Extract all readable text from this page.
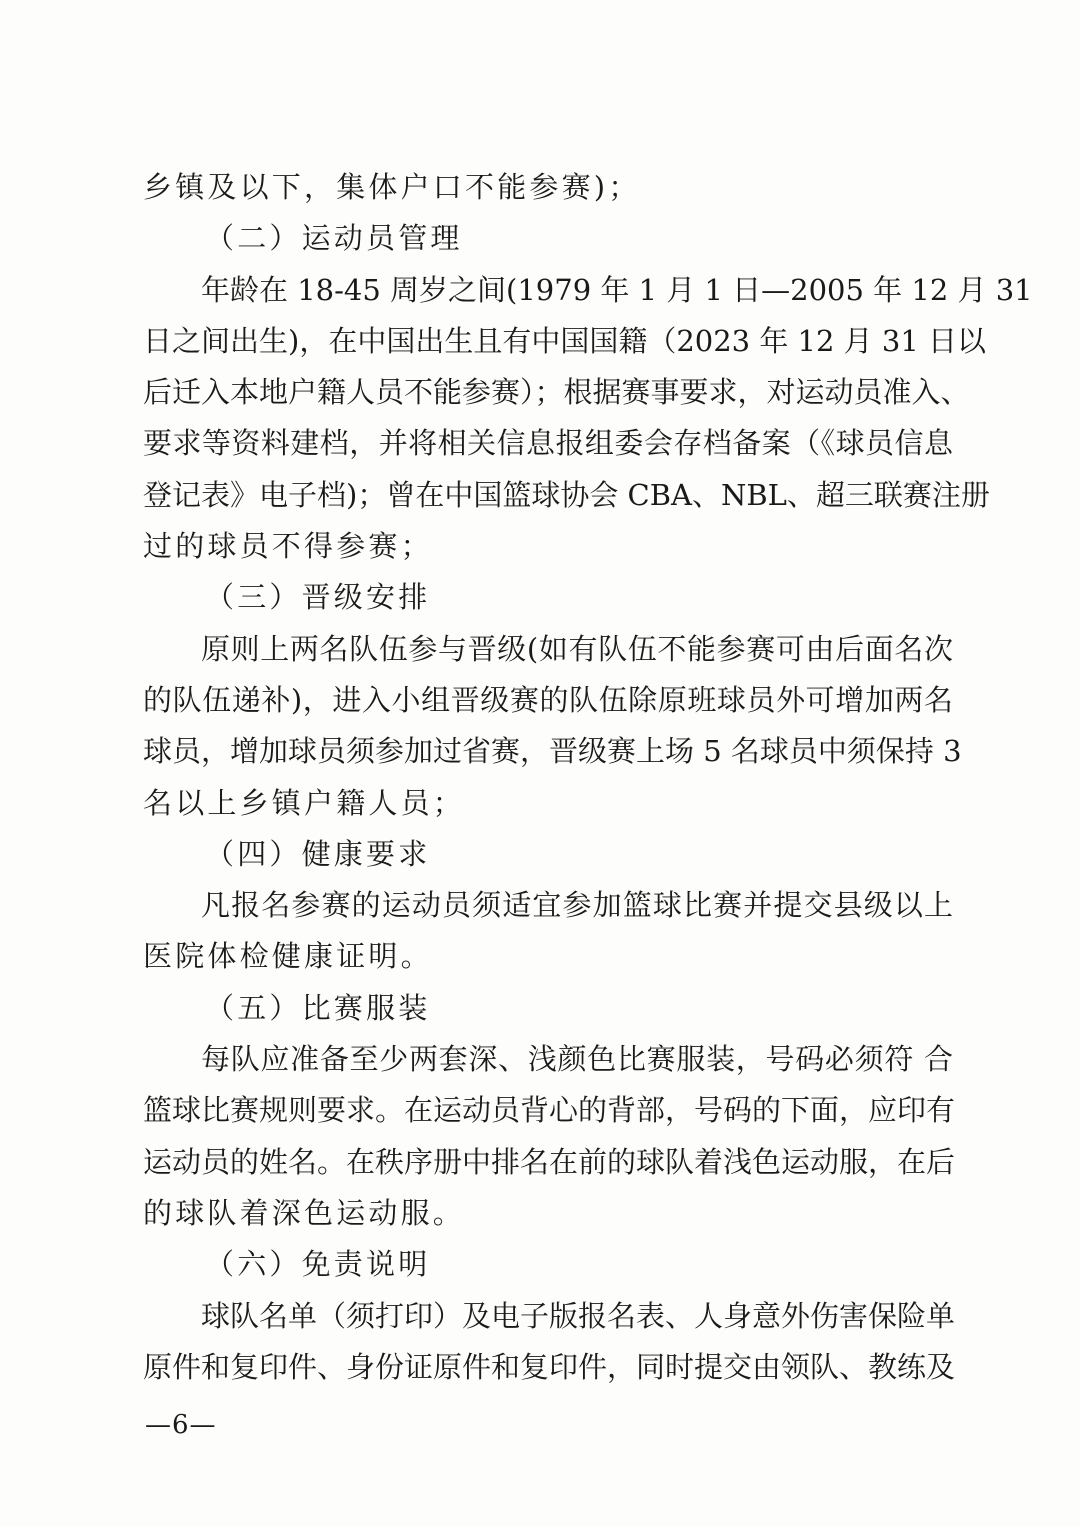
乡镇及以下，集体户口不能参赛)；
（二）运动员管理
年龄在 18-45 周岁之间(1979 年 1 月 1 日—2005 年 12 月 31
日之间出生)，在中国出生且有中国国籍（2023 年 12 月 31 日以
后迁入本地户籍人员不能参赛）；根据赛事要求，对运动员准入、
要求等资料建档，并将相关信息报组委会存档备案（《球员信息
登记表》电子档)；曾在中国篮球协会 CBA、NBL、超三联赛注册
过的球员不得参赛；
（三）晋级安排
原则上两名队伍参与晋级(如有队伍不能参赛可由后面名次
的队伍递补)，进入小组晋级赛的队伍除原班球员外可增加两名
球员，增加球员须参加过省赛，晋级赛上场 5 名球员中须保持 3
名以上乡镇户籍人员；
（四）健康要求
凡报名参赛的运动员须适宜参加篮球比赛并提交县级以上
医院体检健康证明。
（五）比赛服装
每队应准备至少两套深、浅颜色比赛服装，号码必须符 合
篮球比赛规则要求。在运动员背心的背部，号码的下面，应印有
运动员的姓名。在秩序册中排名在前的球队着浅色运动服，在后
的球队着深色运动服。
（六）免责说明
球队名单（须打印）及电子版报名表、人身意外伤害保险单
原件和复印件、身份证原件和复印件，同时提交由领队、教练及
—6—
